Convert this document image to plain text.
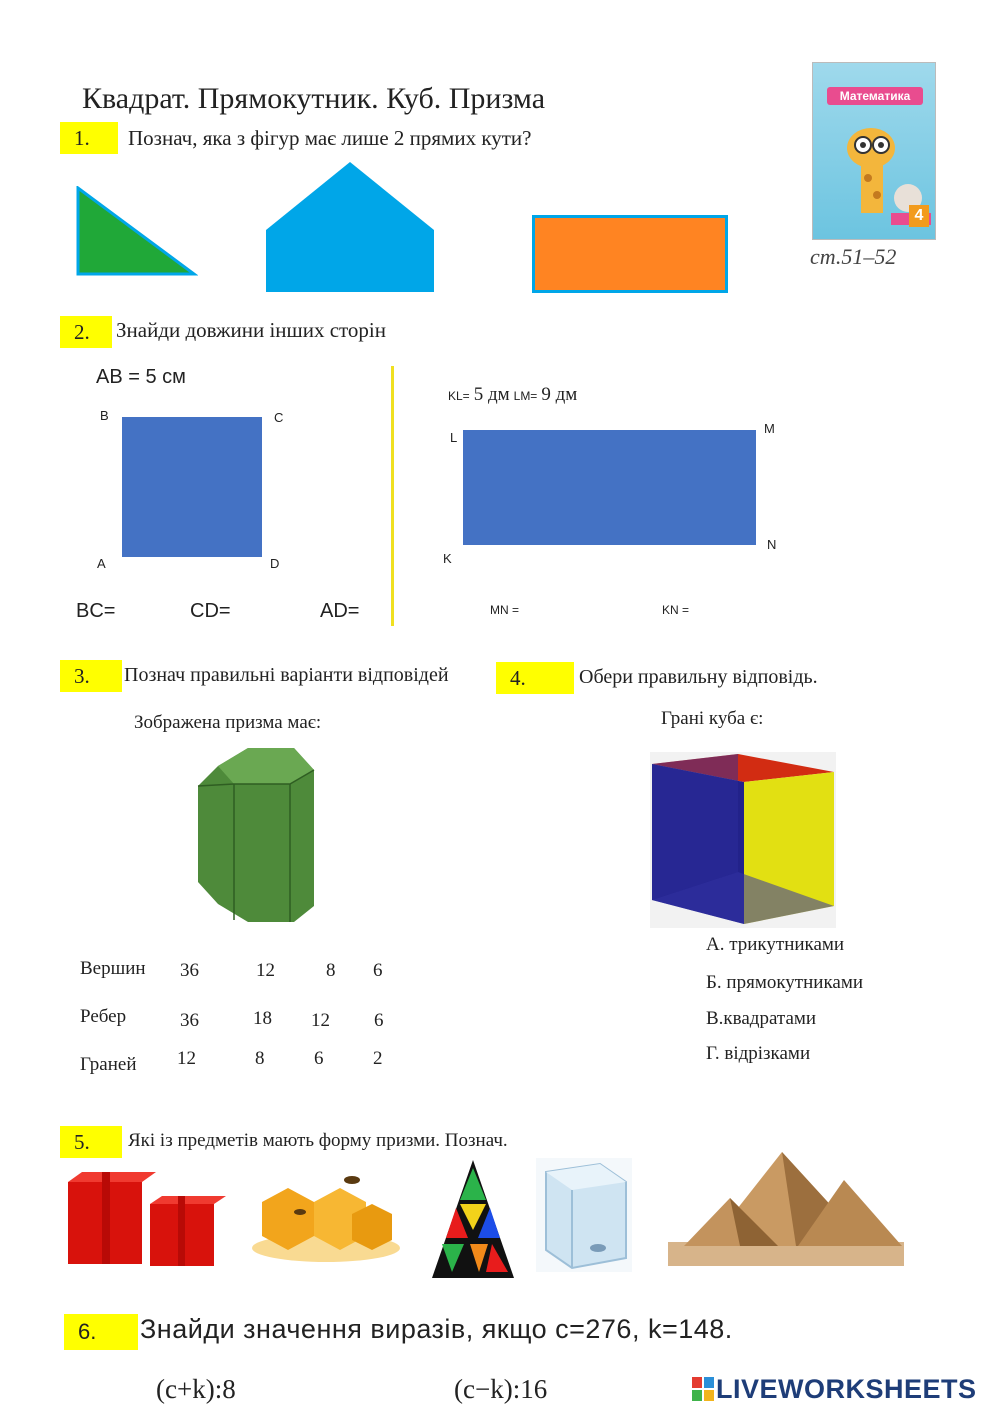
Квадрат. Прямокутник. Куб. Призма	Математика
4
ст.51–52
1.	Познач, яка з фігур має лише 2 прямих кути?
2.	Знайди довжини інших сторін
AB = 5 см
B	C
A	D
BC=	CD=	AD=
KL= 5 дм LM= 9 дм
L
M
K
N
MN =	KN =
3.	Познач правильні варіанти відповідей
Зображена призма має:
Вершин 36	12	8 6
Ребер	36	18 12 6
Граней 12	8	6	2
4.	Обери правильну відповідь.
Грані куба є:
А. трикутниками
Б. прямокутниками
В.квадратами
Г. відрізками
5.	Які із предметів мають форму призми. Познач.
6.	Знайди значення виразів, якщо c=276, k=148.
(c+k):8	(c−k):16	LIVEWORKSHEETS
